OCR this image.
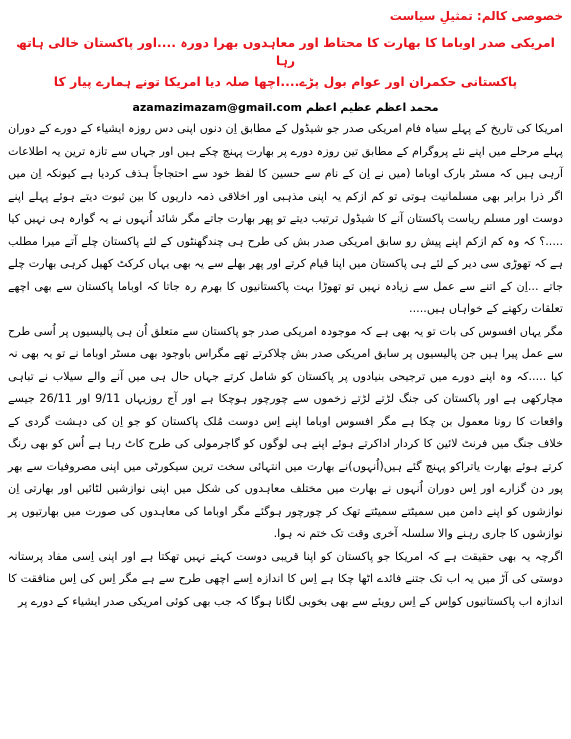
خصوصی کالم: تمثیلِ سیاست
امریکی صدر اوباما کا بھارت کا محتاط اور معاہدوں بھرا دورہ ....اور پاکستان خالی ہاتھ رہا
پاکستانی حکمران اور عوام بول پڑے....اچھا صلہ دیا امریکا تونے ہمارے پیار کا
محمد اعظم عظیم اعظم
azamazimazam@gmail.com

امریکا کی تاریخ کے پہلے سیاہ فام امریکی صدر جو شیڈول کے مطابق اِن دنوں اپنی دس روزہ ایشیاء کے دورے کے دوران پہلے مرحلے میں اپنے نئے پروگرام کے مطابق تین روزہ دورے پر بھارت پہنچ چکے ہیں اور جہاں سے تازہ ترین یہ اطلاعات آرہی ہیں کہ مسٹر بارک اوباما (میں نے اِن کے نام سے حسین کا لفظ خود سے احتجاجاً ہذف کردیا ہے کیونکہ اِن میں اگر ذرا برابر بھی مسلمانیت ہوتی تو کم ازکم یہ اپنی مذہبی اور اخلاقی ذمہ داریوں کا بین ثبوت دیتے ہوئے پہلے اپنے دوست اور مسلم ریاست پاکستان آنے کا شیڈول ترتیب دیتے تو پھر بھارت جاتے مگر شائد اُنہوں نے یہ گوارہ ہی نہیں کیا .....؟ کہ وہ کم ازکم اپنے پیش رو سابق امریکی صدر بش کی طرح ہی چندگھنٹوں کے لئے پاکستان چلے آتے میرا مطلب ہے کہ تھوڑی سی دیر کے لئے ہی پاکستان میں اپنا قیام کرتے اور پھر بھلے سے یہ بھی یہاں کرکٹ کھیل کرہی بھارت چلے جاتے ...اِن کے اتنے سے عمل سے زیادہ نہیں تو تھوڑا بہت پاکستانیوں کا بھرم رہ جاتا کہ اوباما پاکستان سے بھی اچھے تعلقات رکھنے کے خواہاں ہیں.....

مگر یہاں افسوس کی بات تو یہ بھی ہے کہ موجودہ امریکی صدر جو پاکستان سے متعلق اُن ہی پالیسیوں پر اُسی طرح سے عمل پیرا ہیں جن پالیسیوں پر سابق امریکی صدر بش چلاکرتے تھے مگراس باوجود بھی مسٹر اوباما نے تو یہ بھی نہ کیا .....کہ وہ اپنے دورے میں ترجیحی بنیادوں پر پاکستان کو شامل کرتے جہاں حال ہی میں آنے والے سیلاب نے تباہی مچارکھی ہے اور پاکستان کی جنگ لڑتے لڑتے زخموں سے چورچور ہوچکا ہے اور آج روزیہاں 9/11 اور 26/11 جیسے واقعات کا رونا معمول بن چکا ہے مگر افسوس اوباما اپنے اِس دوست مُلک پاکستان کو جو اِن کی دہشت گردی کے خلاف جنگ میں فرنٹ لائین کا کردار اداکرتے ہوئے اپنے ہی لوگوں کو گاجرمولی کی طرح کاٹ رہا ہے اُس کو بھی رنگ کرتے ہوئے بھارت یاتراکو پہنچ گئے ہیں(اُنہوں)نے بھارت میں انتہائی سخت ترین سیکورٹی میں اپنی مصروفیات سے بھر پور دن گزارے اور اِس دوران اُنہوں نے بھارت میں مختلف معاہدوں کی شکل میں اپنی نوازشیں لٹائیں اور بھارتی اِن نوازشوں کو اپنے دامن میں سمیٹتے سمیٹتے تھک کر چورچور ہوگئے مگر اوباما کی معاہدوں کی صورت میں بھارتیوں پر نوازشوں کا جاری رہنے والا سلسلہ آخری وقت تک ختم نہ ہوا.

اگرچہ یہ بھی حقیقت ہے کہ امریکا جو پاکستان کو اپنا قریبی دوست کہتے نہیں تھکتا ہے اور اپنی اِسی مفاد پرستانہ دوستی کی آڑ میں یہ اب تک جتنے فائدے اٹھا چکا ہے اِس کا اندازہ اِسے اچھی طرح سے ہے مگر اِس کی اِس منافقت کا اندازہ اب پاکستانیوں کواِس کے اِس رویئے سے بھی بخوبی لگانا ہوگا کہ جب بھی کوئی امریکی صدر ایشیاء کے دورے پر
